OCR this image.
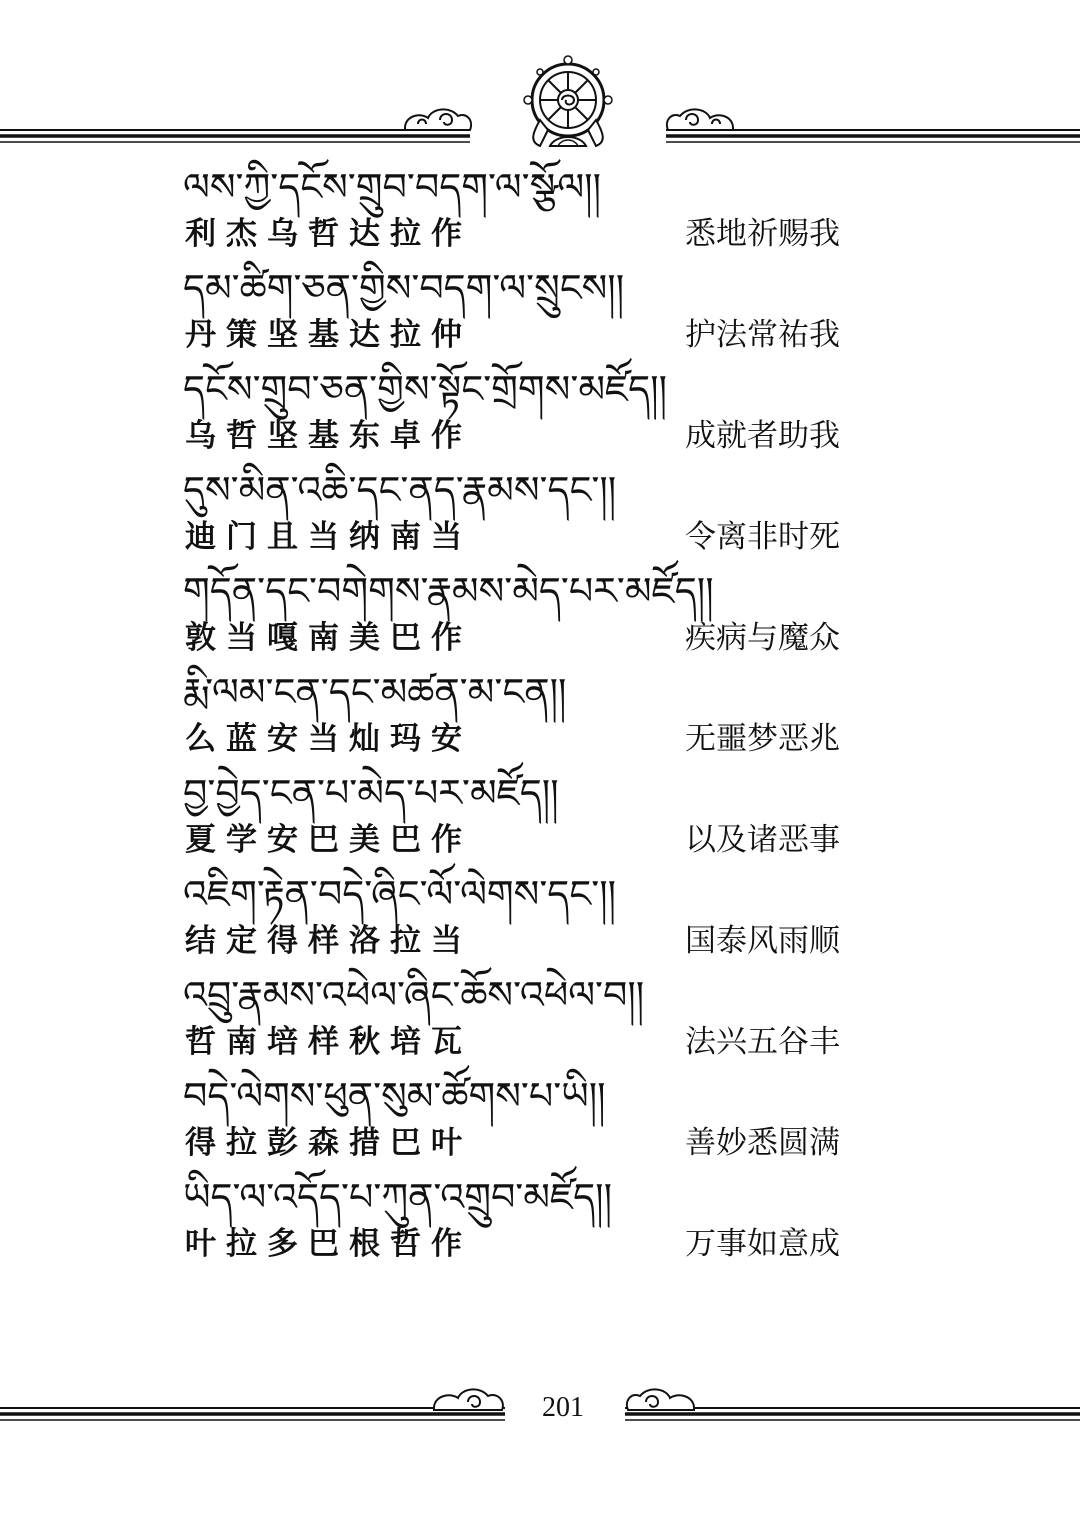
ལས་ཀྱི་དངོས་གྲུབ་བདག་ལ་སྩོལ།།
利杰乌哲达拉作	悉地祈赐我
དམ་ཚིག་ཅན་གྱིས་བདག་ལ་སྲུངས།།
丹策坚基达拉仲	护法常祐我
དངོས་གྲུབ་ཅན་གྱིས་སྟོང་གྲོགས་མཛོད།།
乌哲坚基东卓作	成就者助我
དུས་མིན་འཆི་དང་ནད་རྣམས་དང་།།
迪门且当纳南当	令离非时死
གདོན་དང་བགེགས་རྣམས་མེད་པར་མཛོད།།
敦当嘎南美巴作	疾病与魔众
རྨི་ལམ་ངན་དང་མཚན་མ་ངན།།
么蓝安当灿玛安	无噩梦恶兆
བྱ་བྱེད་ངན་པ་མེད་པར་མཛོད།།
夏学安巴美巴作	以及诸恶事
འཇིག་རྟེན་བདེ་ཞིང་ལོ་ལེགས་དང་།།
结定得样洛拉当	国泰风雨顺
འབྲུ་རྣམས་འཕེལ་ཞིང་ཆོས་འཕེལ་བ།།
哲南培样秋培瓦	法兴五谷丰
བདེ་ལེགས་ཕུན་སུམ་ཚོགས་པ་ཡི།།
得拉彭森措巴叶	善妙悉圆满
ཡིད་ལ་འདོད་པ་ཀུན་འགྲུབ་མཛོད།།
叶拉多巴根哲作	万事如意成
201
